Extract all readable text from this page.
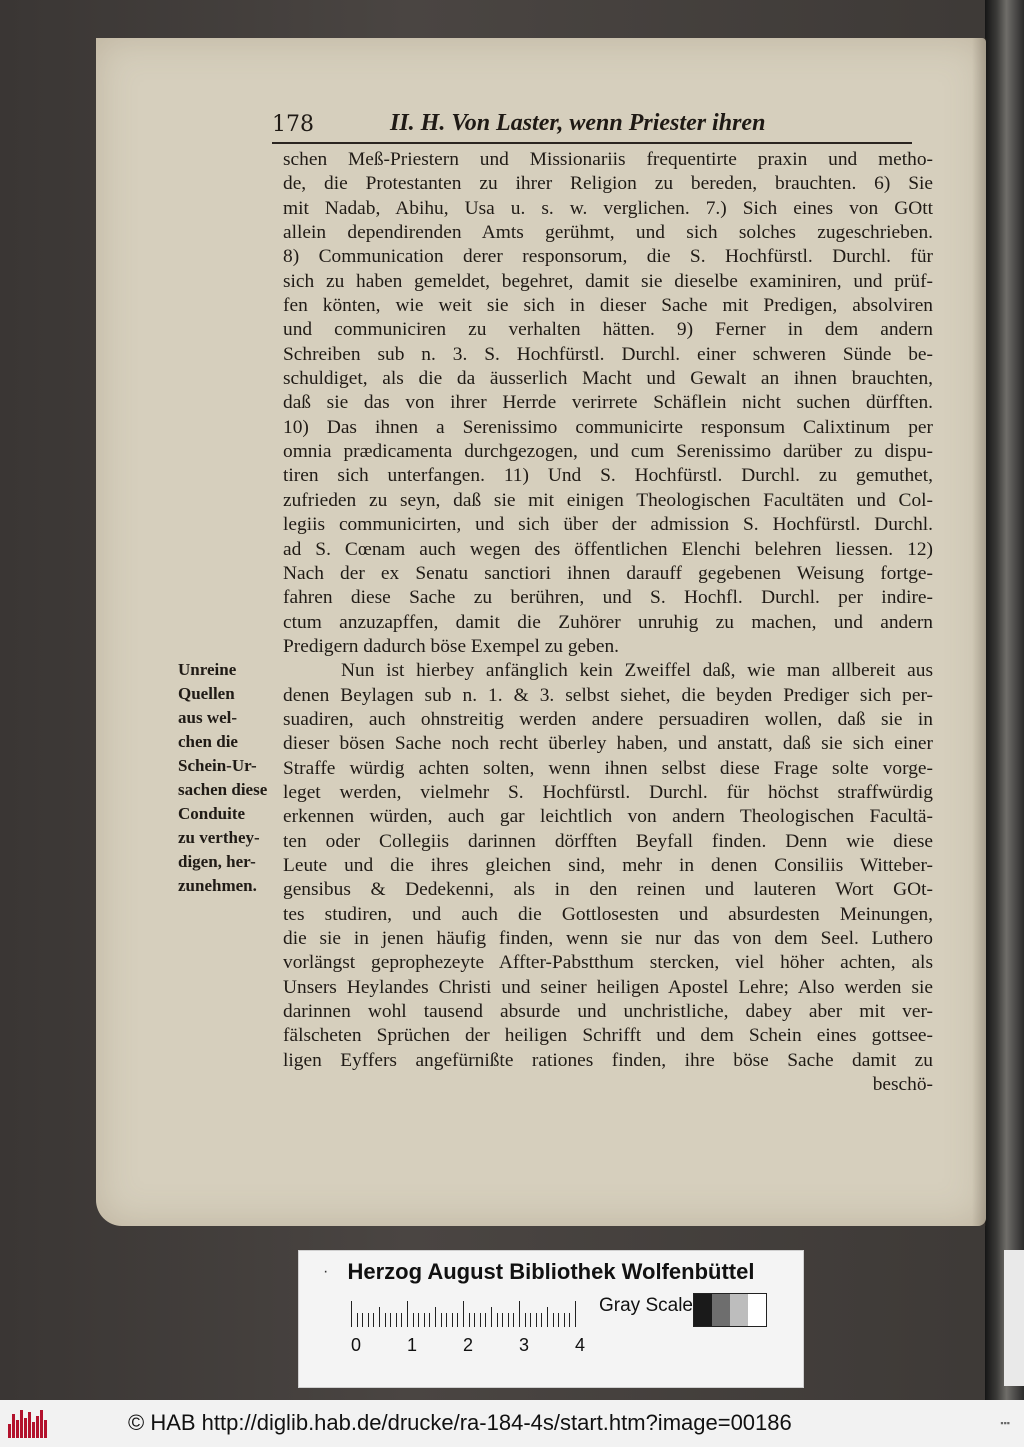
178	II. H. Von Laster, wenn Priester ihren
Unreine
Quellen
aus wel-
chen die
Schein-Ur-
sachen diese
Conduite
zu verthey-
digen, her-
zunehmen.
schen Meß-Priestern und Missionariis frequentirte praxin und metho-
de, die Protestanten zu ihrer Religion zu bereden, brauchten. 6) Sie
mit Nadab, Abihu, Usa u. s. w. verglichen. 7.) Sich eines von GOtt
allein dependirenden Amts gerühmt, und sich solches zugeschrieben.
8) Communication derer responsorum, die S. Hochfürstl. Durchl. für
sich zu haben gemeldet, begehret, damit sie dieselbe examiniren, und prüf-
fen könten, wie weit sie sich in dieser Sache mit Predigen, absolviren
und communiciren zu verhalten hätten. 9) Ferner in dem andern
Schreiben sub n. 3. S. Hochfürstl. Durchl. einer schweren Sünde be-
schuldiget, als die da äusserlich Macht und Gewalt an ihnen brauchten,
daß sie das von ihrer Herrde verirrete Schäflein nicht suchen dürfften.
10) Das ihnen a Serenissimo communicirte responsum Calixtinum per
omnia prædicamenta durchgezogen, und cum Serenissimo darüber zu dispu-
tiren sich unterfangen. 11) Und S. Hochfürstl. Durchl. zu gemuthet,
zufrieden zu seyn, daß sie mit einigen Theologischen Facultäten und Col-
legiis communicirten, und sich über der admission S. Hochfürstl. Durchl.
ad S. Cœnam auch wegen des öffentlichen Elenchi belehren liessen. 12)
Nach der ex Senatu sanctiori ihnen darauff gegebenen Weisung fortge-
fahren diese Sache zu berühren, und S. Hochfl. Durchl. per indire-
ctum anzuzapffen, damit die Zuhörer unruhig zu machen, und andern
Predigern dadurch böse Exempel zu geben.
Nun ist hierbey anfänglich kein Zweiffel daß, wie man allbereit aus
denen Beylagen sub n. 1. & 3. selbst siehet, die beyden Prediger sich per-
suadiren, auch ohnstreitig werden andere persuadiren wollen, daß sie in
dieser bösen Sache noch recht überley haben, und anstatt, daß sie sich einer
Straffe würdig achten solten, wenn ihnen selbst diese Frage solte vorge-
leget werden, vielmehr S. Hochfürstl. Durchl. für höchst straffwürdig
erkennen würden, auch gar leichtlich von andern Theologischen Facultä-
ten oder Collegiis darinnen dörfften Beyfall finden. Denn wie diese
Leute und die ihres gleichen sind, mehr in denen Consiliis Witteber-
gensibus & Dedekenni, als in den reinen und lauteren Wort GOt-
tes studiren, und auch die Gottlosesten und absurdesten Meinungen,
die sie in jenen häufig finden, wenn sie nur das von dem Seel. Luthero
vorlängst geprophezeyte Affter-Pabstthum stercken, viel höher achten, als
Unsers Heylandes Christi und seiner heiligen Apostel Lehre; Also werden sie
darinnen wohl tausend absurde und unchristliche, dabey aber mit ver-
fälscheten Sprüchen der heiligen Schrifft und dem Schein eines gottsee-
ligen Eyffers angefürnißte rationes finden, ihre böse Sache damit zu
beschö-
· Herzog August Bibliothek Wolfenbüttel
0	1	2	3	4
Gray Scale
© HAB http://diglib.hab.de/drucke/ra-184-4s/start.htm?image=00186	▪▪▪
